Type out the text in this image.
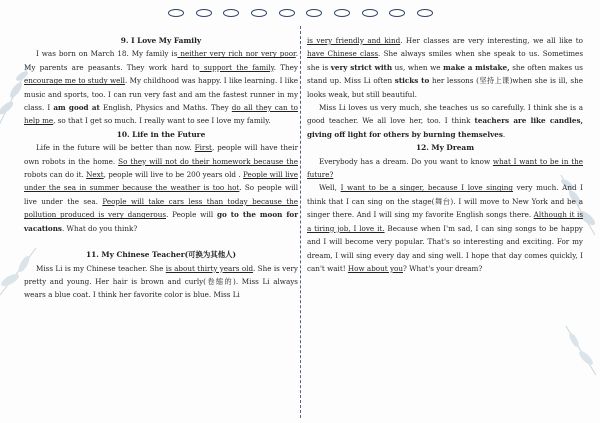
9. I Love My Family

I was born on March 18. My family is neither very rich nor very poor. My parents are peasants. They work hard to support the family. They encourage me to study well. My childhood was happy. I like learning. I like music and sports, too. I can run very fast and am the fastest runner in my class. I am good at English, Physics and Maths. They do all they can to help me, so that I get so much. I really want to see I love my family.

10. Life in the Future

Life in the future will be better than now. First, people will have their own robots in the home. So they will not do their homework because the robots can do it. Next, people will live to be 200 years old . People will live under the sea in summer because the weather is too hot. So people will live under the sea. People will take cars less than today because the pollution produced is very dangerous. People will go to the moon for vacations. What do you think?

11. My Chinese Teacher(可换为其他人)

Miss Li is my Chinese teacher. She is about thirty years old. She is very pretty and young. Her hair is brown and curly(卷缩的). Miss Li always wears a blue coat. I think her favorite color is blue. Miss Li

is very friendly and kind. Her classes are very interesting, we all like to have Chinese class. She always smiles when she speak to us. Sometimes she is very strict with us, when we make a mistake, she often makes us stand up. Miss Li often sticks to her lessons (坚持上课)when she is ill, she looks weak, but still beautiful.

Miss Li loves us very much, she teaches us so carefully. I think she is a good teacher. We all love her, too. I think teachers are like candles, giving off light for others by burning themselves.

12. My Dream

Everybody has a dream. Do you want to know what I want to be in the future?

Well, I want to be a singer, because I love singing very much. And I think that I can sing on the stage(舞台). I will move to New York and be a singer there. And I will sing my favorite English songs there. Although it is a tiring job, I love it. Because when I'm sad, I can sing songs to be happy and I will become very popular. That's so interesting and exciting. For my dream, I will sing every day and sing well. I hope that day comes quickly, I can't wait! How about you? What's your dream?
